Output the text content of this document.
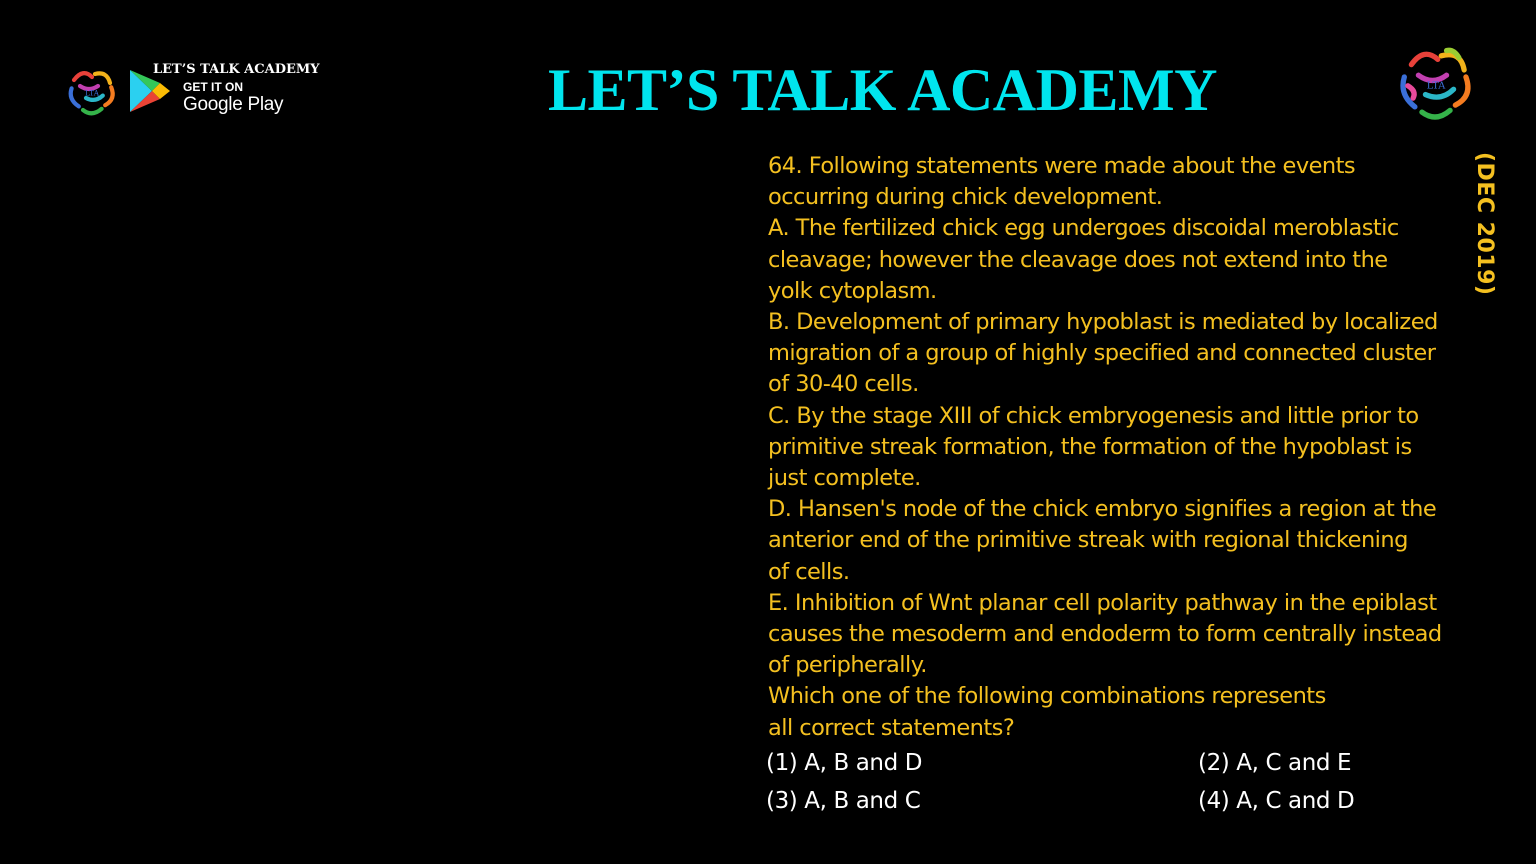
LTA
LET’S TALK ACADEMY
GET IT ON
Google Play	LET’S TALK ACADEMY	LTA
64. Following statements were made about the events
occurring during chick development.
A. The fertilized chick egg undergoes discoidal meroblastic
cleavage; however the cleavage does not extend into the
yolk cytoplasm.
B. Development of primary hypoblast is mediated by localized
migration of a group of highly specified and connected cluster
of 30-40 cells.
C. By the stage XIII of chick embryogenesis and little prior to
primitive streak formation, the formation of the hypoblast is
just complete.
D. Hansen's node of the chick embryo signifies a region at the
anterior end of the primitive streak with regional thickening
of cells.
E. Inhibition of Wnt planar cell polarity pathway in the epiblast
causes the mesoderm and endoderm to form centrally instead
of peripherally.
Which one of the following combinations represents
all correct statements?
(DEC 2019)
(1) A, B and D	(2) A, C and E
(3) A, B and C	(4) A, C and D
